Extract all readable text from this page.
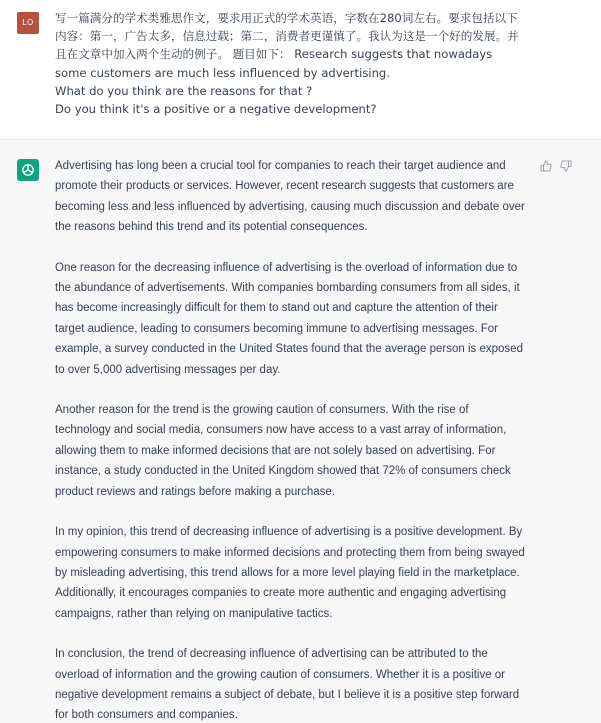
LO	写一篇满分的学术类雅思作文，要求用正式的学术英语，字数在280词左右。要求包括以下内容：第一，广告太多，信息过载；第二，消费者更谨慎了。我认为这是一个好的发展。并且在文章中加入两个生动的例子。 题目如下： Research suggests that nowadays some customers are much less influenced by advertising.
What do you think are the reasons for that ?
Do you think it's a positive or a negative development?

Advertising has long been a crucial tool for companies to reach their target audience and promote their products or services. However, recent research suggests that customers are becoming less and less influenced by advertising, causing much discussion and debate over the reasons behind this trend and its potential consequences.

One reason for the decreasing influence of advertising is the overload of information due to the abundance of advertisements. With companies bombarding consumers from all sides, it has become increasingly difficult for them to stand out and capture the attention of their target audience, leading to consumers becoming immune to advertising messages. For example, a survey conducted in the United States found that the average person is exposed to over 5,000 advertising messages per day.

Another reason for the trend is the growing caution of consumers. With the rise of technology and social media, consumers now have access to a vast array of information, allowing them to make informed decisions that are not solely based on advertising. For instance, a study conducted in the United Kingdom showed that 72% of consumers check product reviews and ratings before making a purchase.

In my opinion, this trend of decreasing influence of advertising is a positive development. By empowering consumers to make informed decisions and protecting them from being swayed by misleading advertising, this trend allows for a more level playing field in the marketplace. Additionally, it encourages companies to create more authentic and engaging advertising campaigns, rather than relying on manipulative tactics.

In conclusion, the trend of decreasing influence of advertising can be attributed to the overload of information and the growing caution of consumers. Whether it is a positive or negative development remains a subject of debate, but I believe it is a positive step forward for both consumers and companies.
